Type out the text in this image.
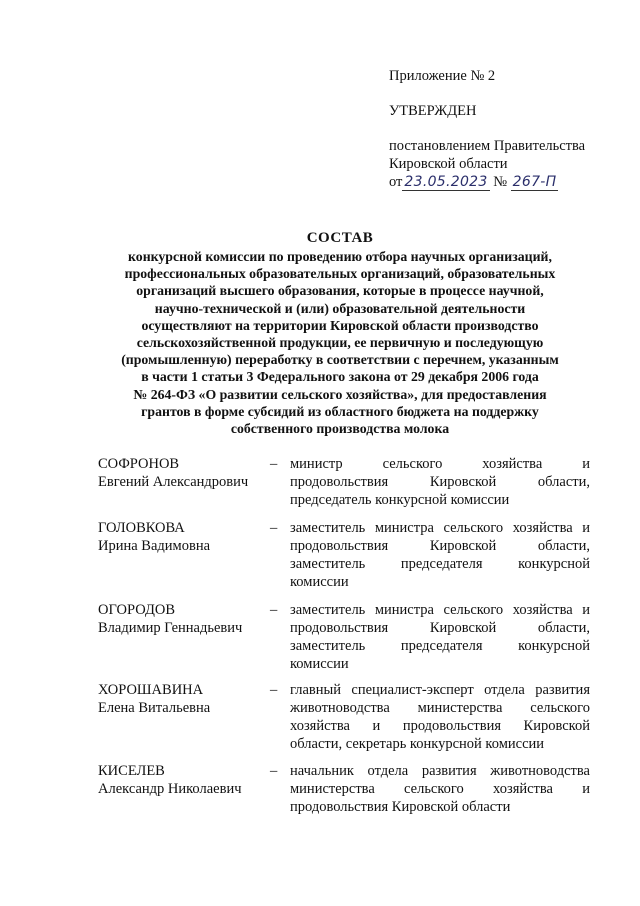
Приложение № 2
УТВЕРЖДЕН
постановлением Правительства
Кировской области
от 23.05.2023 № 267-П
СОСТАВ
конкурсной комиссии по проведению отбора научных организаций,
профессиональных образовательных организаций, образовательных
организаций высшего образования, которые в процессе научной,
научно-технической и (или) образовательной деятельности
осуществляют на территории Кировской области производство
сельскохозяйственной продукции, ее первичную и последующую
(промышленную) переработку в соответствии с перечнем, указанным
в части 1 статьи 3 Федерального закона от 29 декабря 2006 года
№ 264-ФЗ «О развитии сельского хозяйства», для предоставления
грантов в форме субсидий из областного бюджета на поддержку
собственного производства молока
СОФРОНОВ
Евгений Александрович
– министр сельского хозяйства и
продовольствия Кировской области,
председатель конкурсной комиссии
ГОЛОВКОВА
Ирина Вадимовна
– заместитель министра сельского хозяйства и
продовольствия Кировской области,
заместитель председателя конкурсной
комиссии
ОГОРОДОВ
Владимир Геннадьевич
– заместитель министра сельского хозяйства и
продовольствия Кировской области,
заместитель председателя конкурсной
комиссии
ХОРОШАВИНА
Елена Витальевна
– главный специалист-эксперт отдела развития
животноводства министерства сельского
хозяйства и продовольствия Кировской
области, секретарь конкурсной комиссии
КИСЕЛЕВ
Александр Николаевич
– начальник отдела развития животноводства
министерства сельского хозяйства и
продовольствия Кировской области
